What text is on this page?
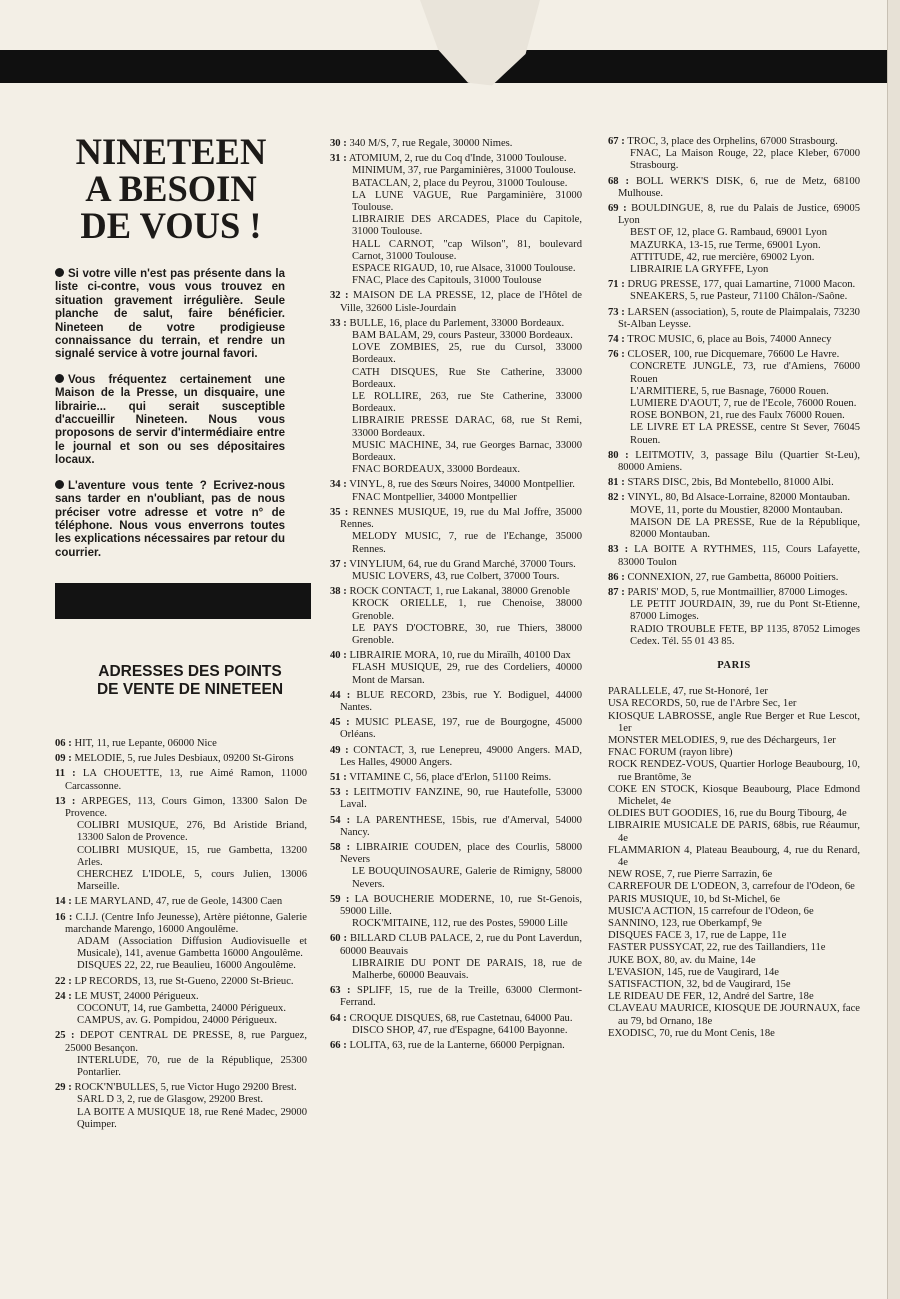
NINETEEN
A BESOIN
DE VOUS !

Si votre ville n'est pas présente dans la liste ci-contre, vous vous trouvez en situation gravement irrégulière. Seule planche de salut, faire bénéficier. Nineteen de votre prodigieuse connaissance du terrain, et rendre un signalé service à votre journal favori.

Vous fréquentez certainement une Maison de la Presse, un disquaire, une librairie... qui serait susceptible d'accueillir Nineteen. Nous vous proposons de servir d'intermédiaire entre le journal et son ou ses dépositaires locaux.

L'aventure vous tente ? Ecrivez-nous sans tarder en n'oubliant, pas de nous préciser votre adresse et votre n° de téléphone. Nous vous enverrons toutes les explications nécessaires par retour du courrier.

ADRESSES DES POINTS
DE VENTE DE NINETEEN
06 : HIT, 11, rue Lepante, 06000 Nice
09 : MELODIE, 5, rue Jules Desbiaux, 09200 St-Girons
11 : LA CHOUETTE, 13, rue Aimé Ramon, 11000 Carcassonne.
13 : ARPEGES, 113, Cours Gimon, 13300 Salon De Provence.
COLIBRI MUSIQUE, 276, Bd Aristide Briand, 13300 Salon de Provence.
COLIBRI MUSIQUE, 15, rue Gambetta, 13200 Arles.
CHERCHEZ L'IDOLE, 5, cours Julien, 13006 Marseille.
14 : LE MARYLAND, 47, rue de Geole, 14300 Caen
16 : C.I.J. (Centre Info Jeunesse), Artère piétonne, Galerie marchande Marengo, 16000 Angoulême.
ADAM (Association Diffusion Audiovisuelle et Musicale), 141, avenue Gambetta 16000 Angoulême.
DISQUES 22, 22, rue Beaulieu, 16000 Angoulême.
22 : LP RECORDS, 13, rue St-Gueno, 22000 St-Brieuc.
24 : LE MUST, 24000 Périgueux.
COCONUT, 14, rue Gambetta, 24000 Périgueux.
CAMPUS, av. G. Pompidou, 24000 Périgueux.
25 : DEPOT CENTRAL DE PRESSE, 8, rue Parguez, 25000 Besançon.
INTERLUDE, 70, rue de la République, 25300 Pontarlier.
29 : ROCK'N'BULLES, 5, rue Victor Hugo 29200 Brest.
SARL D 3, 2, rue de Glasgow, 29200 Brest.
LA BOITE A MUSIQUE 18, rue René Madec, 29000 Quimper.
30 : 340 M/S, 7, rue Regale, 30000 Nimes.
31 : ATOMIUM, 2, rue du Coq d'Inde, 31000 Toulouse.
MINIMUM, 37, rue Pargaminières, 31000 Toulouse.
BATACLAN, 2, place du Peyrou, 31000 Toulouse.
LA LUNE VAGUE, Rue Pargaminière, 31000 Toulouse.
LIBRAIRIE DES ARCADES, Place du Capitole, 31000 Toulouse.
HALL CARNOT, "cap Wilson", 81, boulevard Carnot, 31000 Toulouse.
ESPACE RIGAUD, 10, rue Alsace, 31000 Toulouse.
FNAC, Place des Capitouls, 31000 Toulouse
32 : MAISON DE LA PRESSE, 12, place de l'Hôtel de Ville, 32600 Lisle-Jourdain
33 : BULLE, 16, place du Parlement, 33000 Bordeaux.
BAM BALAM, 29, cours Pasteur, 33000 Bordeaux.
LOVE ZOMBIES, 25, rue du Cursol, 33000 Bordeaux.
CATH DISQUES, Rue Ste Catherine, 33000 Bordeaux.
LE ROLLIRE, 263, rue Ste Catherine, 33000 Bordeaux.
LIBRAIRIE PRESSE DARAC, 68, rue St Remi, 33000 Bordeaux.
MUSIC MACHINE, 34, rue Georges Barnac, 33000 Bordeaux.
FNAC BORDEAUX, 33000 Bordeaux.
34 : VINYL, 8, rue des Sœurs Noires, 34000 Montpellier.
FNAC Montpellier, 34000 Montpellier
35 : RENNES MUSIQUE, 19, rue du Mal Joffre, 35000 Rennes.
MELODY MUSIC, 7, rue de l'Echange, 35000 Rennes.
37 : VINYLIUM, 64, rue du Grand Marché, 37000 Tours.
MUSIC LOVERS, 43, rue Colbert, 37000 Tours.
38 : ROCK CONTACT, 1, rue Lakanal, 38000 Grenoble
KROCK ORIELLE, 1, rue Chenoise, 38000 Grenoble.
LE PAYS D'OCTOBRE, 30, rue Thiers, 38000 Grenoble.
40 : LIBRAIRIE MORA, 10, rue du Miraïlh, 40100 Dax
FLASH MUSIQUE, 29, rue des Cordeliers, 40000 Mont de Marsan.
44 : BLUE RECORD, 23bis, rue Y. Bodiguel, 44000 Nantes.
45 : MUSIC PLEASE, 197, rue de Bourgogne, 45000 Orléans.
49 : CONTACT, 3, rue Lenepreu, 49000 Angers. MAD, Les Halles, 49000 Angers.
51 : VITAMINE C, 56, place d'Erlon, 51100 Reims.
53 : LEITMOTIV FANZINE, 90, rue Hautefolle, 53000 Laval.
54 : LA PARENTHESE, 15bis, rue d'Amerval, 54000 Nancy.
58 : LIBRAIRIE COUDEN, place des Courlis, 58000 Nevers
LE BOUQUINOSAURE, Galerie de Rimigny, 58000 Nevers.
59 : LA BOUCHERIE MODERNE, 10, rue St-Genois, 59000 Lille.
ROCK'MITAINE, 112, rue des Postes, 59000 Lille
60 : BILLARD CLUB PALACE, 2, rue du Pont Laverdun, 60000 Beauvais
LIBRAIRIE DU PONT DE PARAIS, 18, rue de Malherbe, 60000 Beauvais.
63 : SPLIFF, 15, rue de la Treille, 63000 Clermont-Ferrand.
64 : CROQUE DISQUES, 68, rue Castetnau, 64000 Pau.
DISCO SHOP, 47, rue d'Espagne, 64100 Bayonne.
66 : LOLITA, 63, rue de la Lanterne, 66000 Perpignan.
67 : TROC, 3, place des Orphelins, 67000 Strasbourg.
FNAC, La Maison Rouge, 22, place Kleber, 67000 Strasbourg.
68 : BOLL WERK'S DISK, 6, rue de Metz, 68100 Mulhouse.
69 : BOULDINGUE, 8, rue du Palais de Justice, 69005 Lyon
BEST OF, 12, place G. Rambaud, 69001 Lyon
MAZURKA, 13-15, rue Terme, 69001 Lyon.
ATTITUDE, 42, rue mercière, 69002 Lyon.
LIBRAIRIE LA GRYFFE, Lyon
71 : DRUG PRESSE, 177, quai Lamartine, 71000 Macon.
SNEAKERS, 5, rue Pasteur, 71100 Châlon-/Saône.
73 : LARSEN (association), 5, route de Plaimpalais, 73230 St-Alban Leysse.
74 : TROC MUSIC, 6, place au Bois, 74000 Annecy
76 : CLOSER, 100, rue Dicquemare, 76600 Le Havre.
CONCRETE JUNGLE, 73, rue d'Amiens, 76000 Rouen
L'ARMITIERE, 5, rue Basnage, 76000 Rouen.
LUMIERE D'AOUT, 7, rue de l'Ecole, 76000 Rouen.
ROSE BONBON, 21, rue des Faulx 76000 Rouen.
LE LIVRE ET LA PRESSE, centre St Sever, 76045 Rouen.
80 : LEITMOTIV, 3, passage Bilu (Quartier St-Leu), 80000 Amiens.
81 : STARS DISC, 2bis, Bd Montebello, 81000 Albi.
82 : VINYL, 80, Bd Alsace-Lorraine, 82000 Montauban.
MOVE, 11, porte du Moustier, 82000 Montauban.
MAISON DE LA PRESSE, Rue de la République, 82000 Montauban.
83 : LA BOITE A RYTHMES, 115, Cours Lafayette, 83000 Toulon
86 : CONNEXION, 27, rue Gambetta, 86000 Poitiers.
87 : PARIS' MOD, 5, rue Montmaillier, 87000 Limoges.
LE PETIT JOURDAIN, 39, rue du Pont St-Etienne, 87000 Limoges.
RADIO TROUBLE FETE, BP 1135, 87052 Limoges Cedex. Tél. 55 01 43 85.
PARIS
PARALLELE, 47, rue St-Honoré, 1er
USA RECORDS, 50, rue de l'Arbre Sec, 1er
KIOSQUE LABROSSE, angle Rue Berger et Rue Lescot, 1er
MONSTER MELODIES, 9, rue des Déchargeurs, 1er
FNAC FORUM (rayon libre)
ROCK RENDEZ-VOUS, Quartier Horloge Beaubourg, 10, rue Brantôme, 3e
COKE EN STOCK, Kiosque Beaubourg, Place Edmond Michelet, 4e
OLDIES BUT GOODIES, 16, rue du Bourg Tibourg, 4e
LIBRAIRIE MUSICALE DE PARIS, 68bis, rue Réaumur, 4e
FLAMMARION 4, Plateau Beaubourg, 4, rue du Renard, 4e
NEW ROSE, 7, rue Pierre Sarrazin, 6e
CARREFOUR DE L'ODEON, 3, carrefour de l'Odeon, 6e
PARIS MUSIQUE, 10, bd St-Michel, 6e
MUSIC'A ACTION, 15 carrefour de l'Odeon, 6e
SANNINO, 123, rue Oberkampf, 9e
DISQUES FACE 3, 17, rue de Lappe, 11e
FASTER PUSSYCAT, 22, rue des Taillandiers, 11e
JUKE BOX, 80, av. du Maine, 14e
L'EVASION, 145, rue de Vaugirard, 14e
SATISFACTION, 32, bd de Vaugirard, 15e
LE RIDEAU DE FER, 12, André del Sartre, 18e
CLAVEAU MAURICE, KIOSQUE DE JOURNAUX, face au 79, bd Ornano, 18e
EXODISC, 70, rue du Mont Cenis, 18e
